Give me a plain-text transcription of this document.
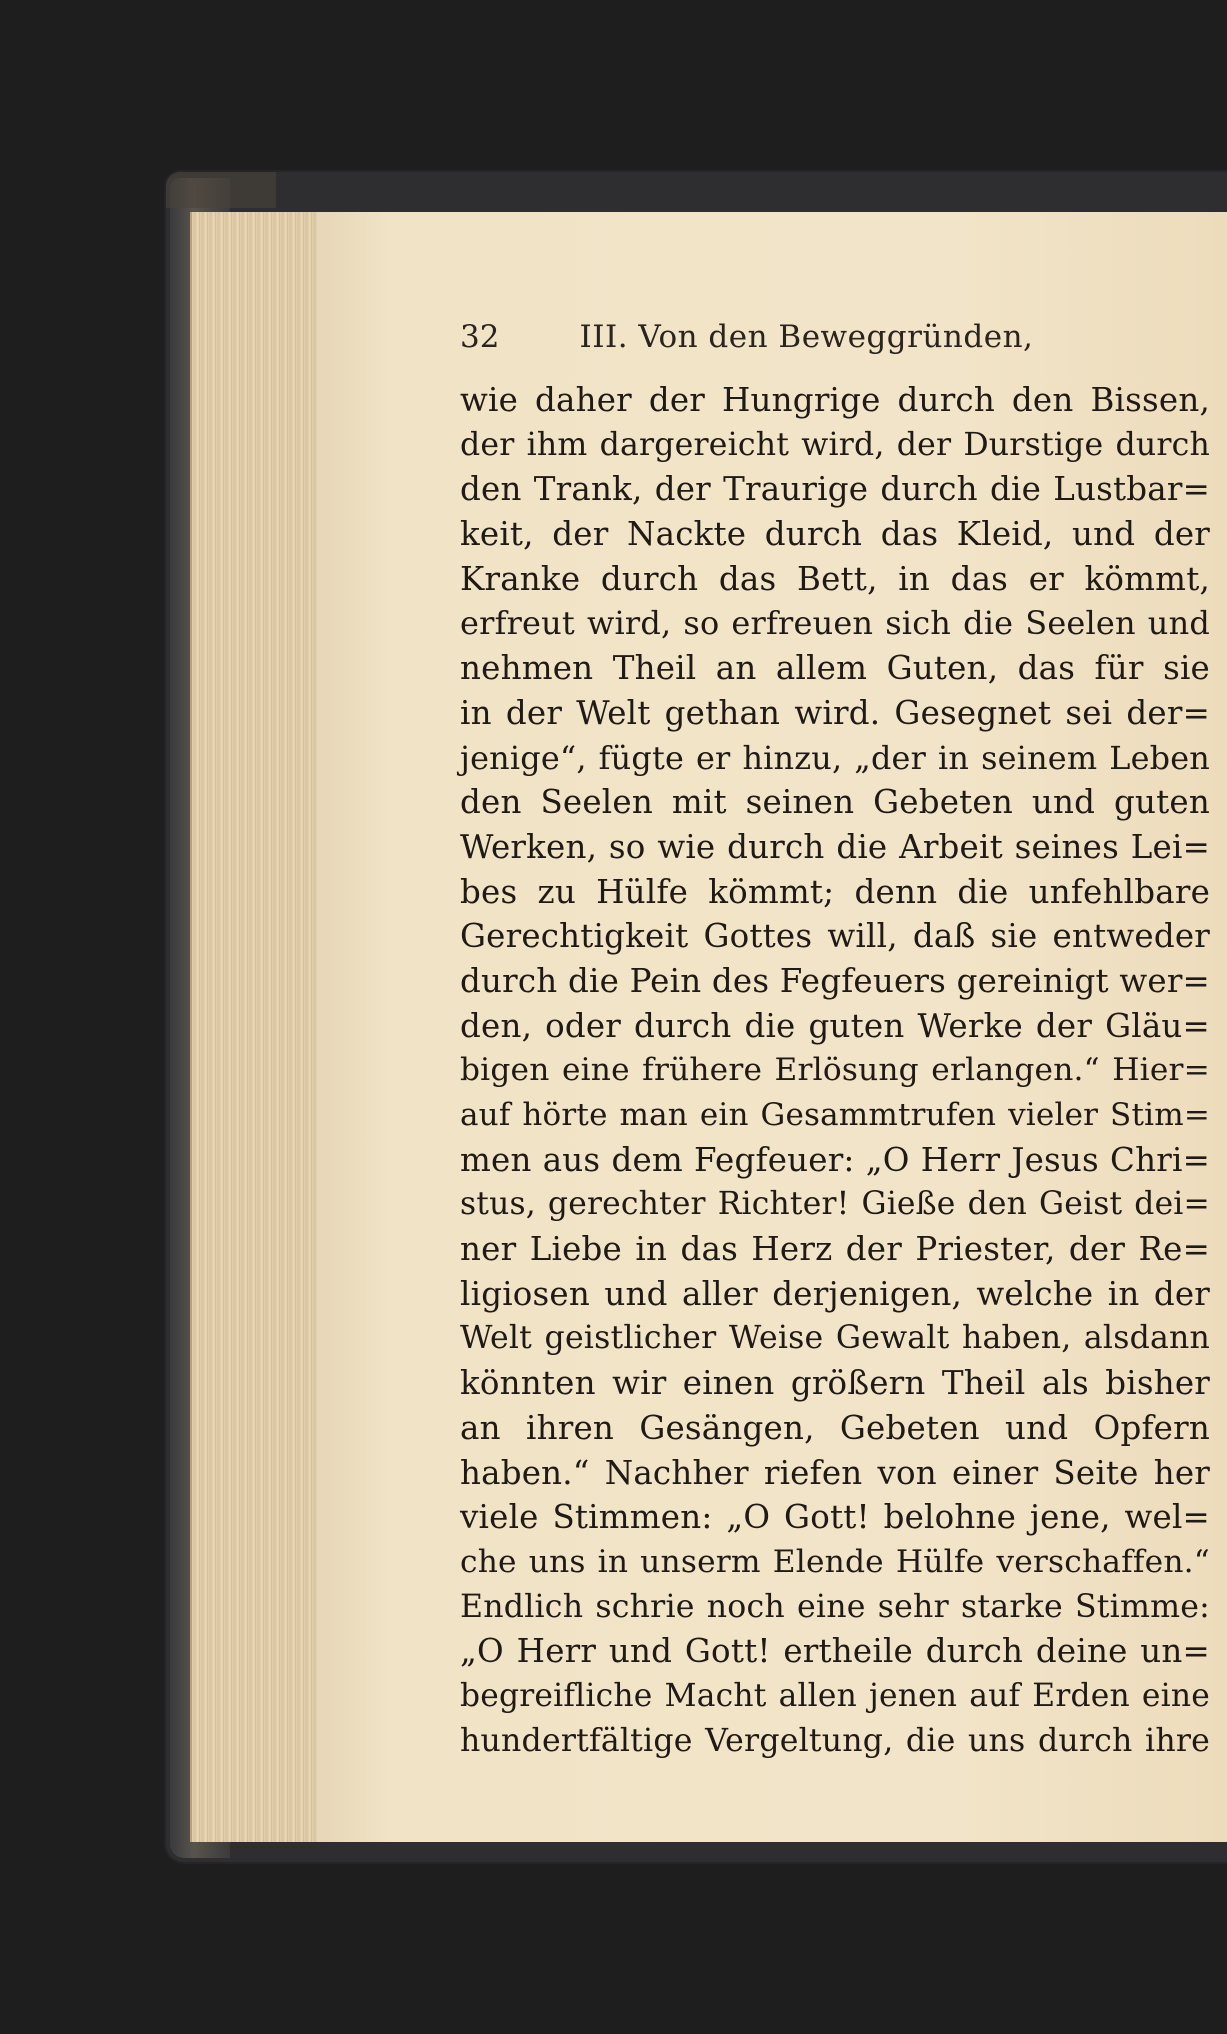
32	III. Von den Beweggründen,
wie daher der Hungrige durch den Bissen,
der ihm dargereicht wird, der Durstige durch
den Trank, der Traurige durch die Lustbar=
keit, der Nackte durch das Kleid, und der
Kranke durch das Bett, in das er kömmt,
erfreut wird, so erfreuen sich die Seelen und
nehmen Theil an allem Guten, das für sie
in der Welt gethan wird. Gesegnet sei der=
jenige“, fügte er hinzu, „der in seinem Leben
den Seelen mit seinen Gebeten und guten
Werken, so wie durch die Arbeit seines Lei=
bes zu Hülfe kömmt; denn die unfehlbare
Gerechtigkeit Gottes will, daß sie entweder
durch die Pein des Fegfeuers gereinigt wer=
den, oder durch die guten Werke der Gläu=
bigen eine frühere Erlösung erlangen.“ Hier=
auf hörte man ein Gesammtrufen vieler Stim=
men aus dem Fegfeuer: „O Herr Jesus Chri=
stus, gerechter Richter! Gieße den Geist dei=
ner Liebe in das Herz der Priester, der Re=
ligiosen und aller derjenigen, welche in der
Welt geistlicher Weise Gewalt haben, alsdann
könnten wir einen größern Theil als bisher
an ihren Gesängen, Gebeten und Opfern
haben.“ Nachher riefen von einer Seite her
viele Stimmen: „O Gott! belohne jene, wel=
che uns in unserm Elende Hülfe verschaffen.“
Endlich schrie noch eine sehr starke Stimme:
„O Herr und Gott! ertheile durch deine un=
begreifliche Macht allen jenen auf Erden eine
hundertfältige Vergeltung, die uns durch ihre
